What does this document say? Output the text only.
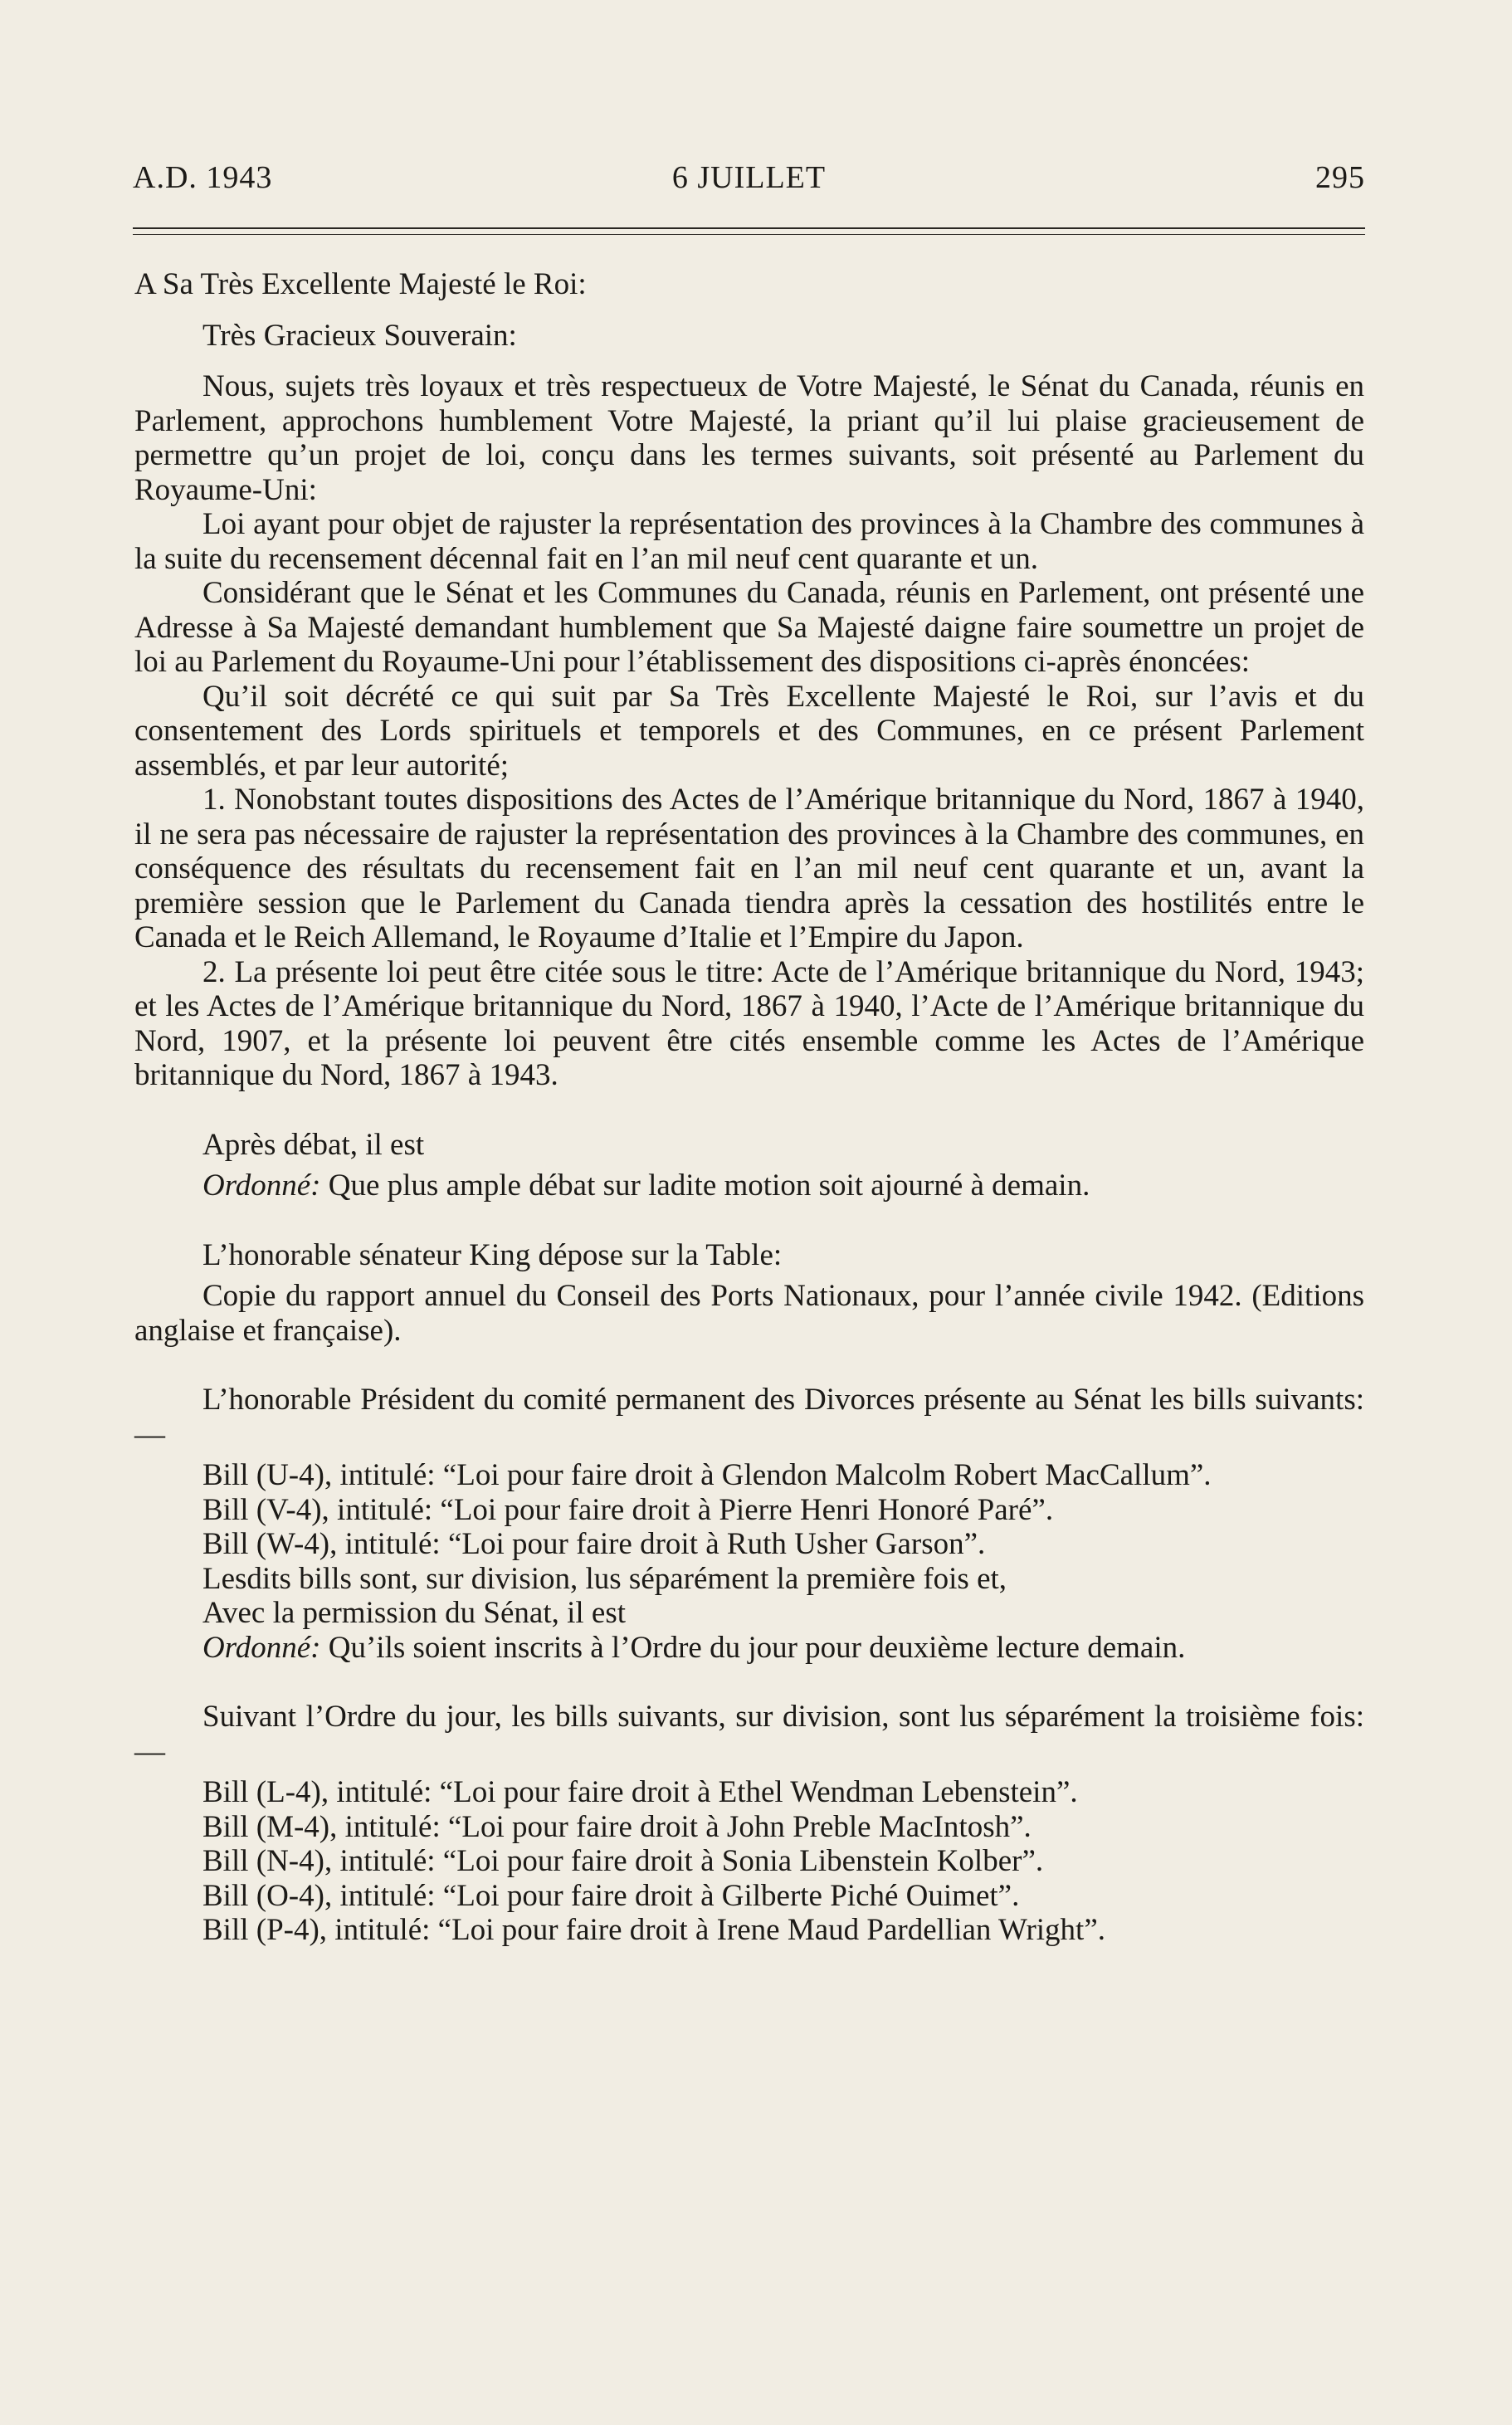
A.D. 1943	6 JUILLET	295

A Sa Très Excellente Majesté le Roi:

Très Gracieux Souverain:

Nous, sujets très loyaux et très respectueux de Votre Majesté, le Sénat du Canada, réunis en Parlement, approchons humblement Votre Majesté, la priant qu’il lui plaise gracieusement de permettre qu’un projet de loi, conçu dans les termes suivants, soit présenté au Parlement du Royaume-Uni:

Loi ayant pour objet de rajuster la représentation des provinces à la Chambre des communes à la suite du recensement décennal fait en l’an mil neuf cent quarante et un.

Considérant que le Sénat et les Communes du Canada, réunis en Parlement, ont présenté une Adresse à Sa Majesté demandant humblement que Sa Majesté daigne faire soumettre un projet de loi au Parlement du Royaume-Uni pour l’établissement des dispositions ci-après énoncées:

Qu’il soit décrété ce qui suit par Sa Très Excellente Majesté le Roi, sur l’avis et du consentement des Lords spirituels et temporels et des Communes, en ce présent Parlement assemblés, et par leur autorité;

1. Nonobstant toutes dispositions des Actes de l’Amérique britannique du Nord, 1867 à 1940, il ne sera pas nécessaire de rajuster la représentation des provinces à la Chambre des communes, en conséquence des résultats du recensement fait en l’an mil neuf cent quarante et un, avant la première session que le Parlement du Canada tiendra après la cessation des hostilités entre le Canada et le Reich Allemand, le Royaume d’Italie et l’Empire du Japon.

2. La présente loi peut être citée sous le titre: Acte de l’Amérique britannique du Nord, 1943; et les Actes de l’Amérique britannique du Nord, 1867 à 1940, l’Acte de l’Amérique britannique du Nord, 1907, et la présente loi peuvent être cités ensemble comme les Actes de l’Amérique britannique du Nord, 1867 à 1943.

Après débat, il est

Ordonné: Que plus ample débat sur ladite motion soit ajourné à demain.

L’honorable sénateur King dépose sur la Table:

Copie du rapport annuel du Conseil des Ports Nationaux, pour l’année civile 1942. (Editions anglaise et française).

L’honorable Président du comité permanent des Divorces présente au Sénat les bills suivants:—

Bill (U-4), intitulé: “Loi pour faire droit à Glendon Malcolm Robert MacCallum”.

Bill (V-4), intitulé: “Loi pour faire droit à Pierre Henri Honoré Paré”.

Bill (W-4), intitulé: “Loi pour faire droit à Ruth Usher Garson”.

Lesdits bills sont, sur division, lus séparément la première fois et,

Avec la permission du Sénat, il est

Ordonné: Qu’ils soient inscrits à l’Ordre du jour pour deuxième lecture demain.

Suivant l’Ordre du jour, les bills suivants, sur division, sont lus séparément la troisième fois:—

Bill (L-4), intitulé: “Loi pour faire droit à Ethel Wendman Lebenstein”.

Bill (M-4), intitulé: “Loi pour faire droit à John Preble MacIntosh”.

Bill (N-4), intitulé: “Loi pour faire droit à Sonia Libenstein Kolber”.

Bill (O-4), intitulé: “Loi pour faire droit à Gilberte Piché Ouimet”.

Bill (P-4), intitulé: “Loi pour faire droit à Irene Maud Pardellian Wright”.
